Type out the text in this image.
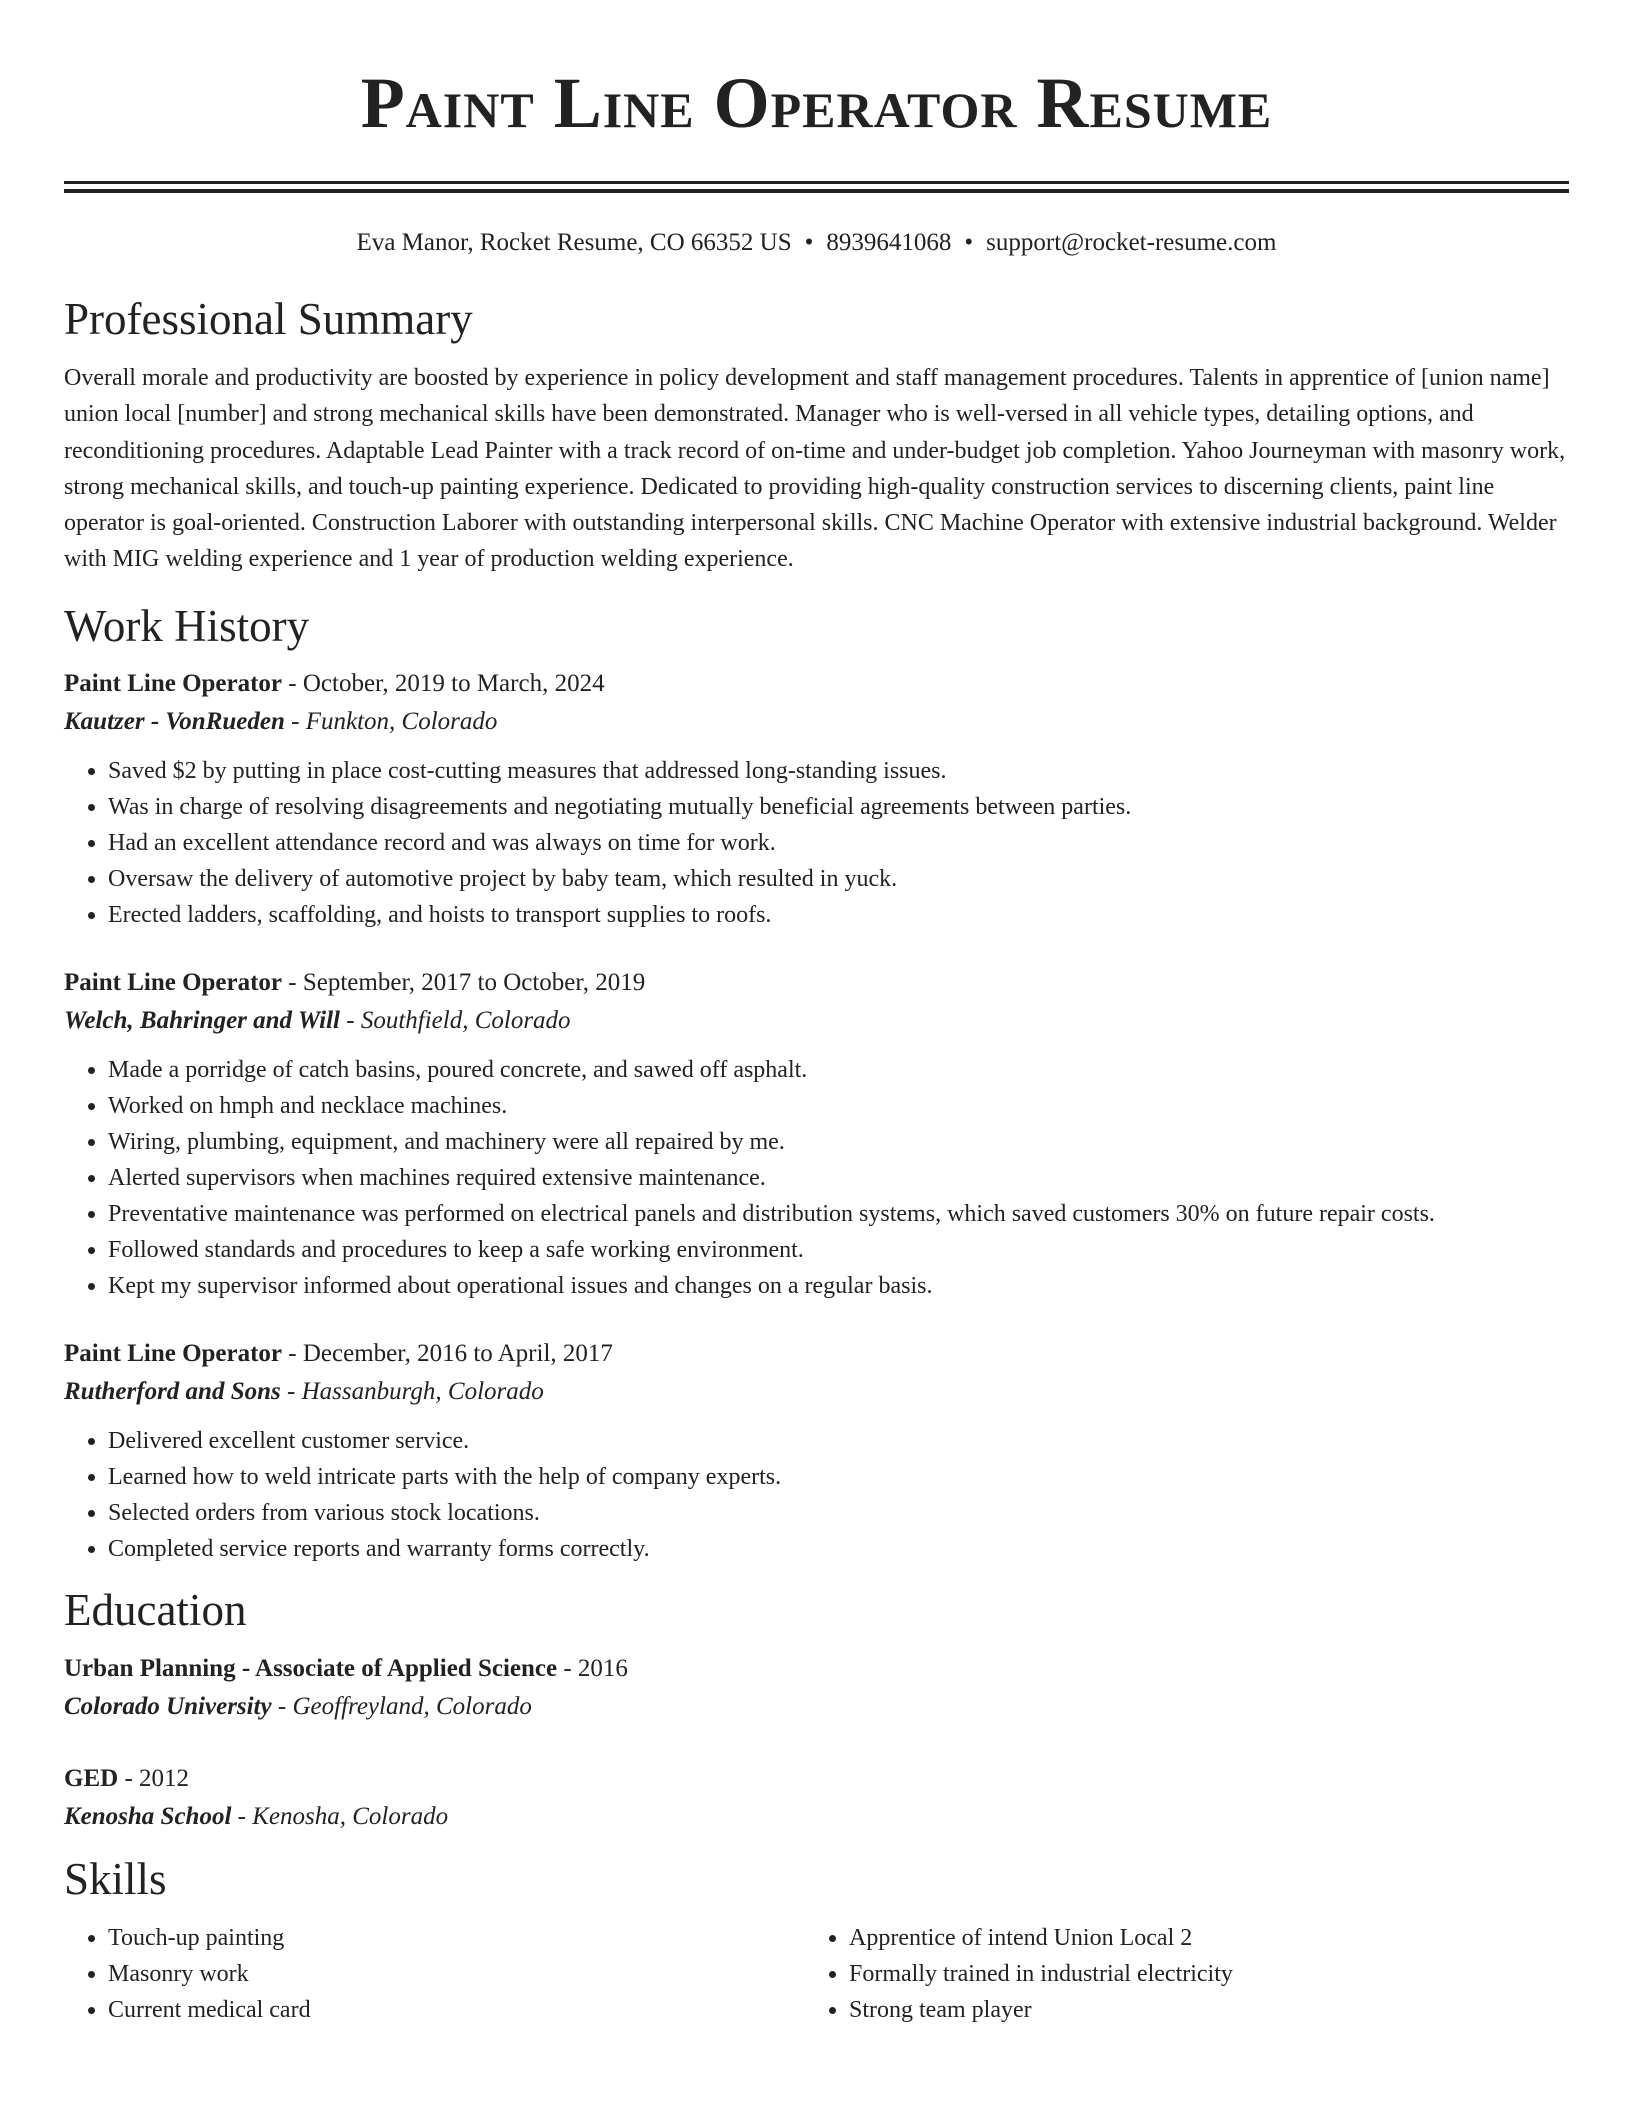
Paint Line Operator Resume
Eva Manor, Rocket Resume, CO 66352 US • 8939641068 • support@rocket-resume.com
Professional Summary
Overall morale and productivity are boosted by experience in policy development and staff management procedures. Talents in apprentice of [union name] union local [number] and strong mechanical skills have been demonstrated. Manager who is well-versed in all vehicle types, detailing options, and reconditioning procedures. Adaptable Lead Painter with a track record of on-time and under-budget job completion. Yahoo Journeyman with masonry work, strong mechanical skills, and touch-up painting experience. Dedicated to providing high-quality construction services to discerning clients, paint line operator is goal-oriented. Construction Laborer with outstanding interpersonal skills. CNC Machine Operator with extensive industrial background. Welder with MIG welding experience and 1 year of production welding experience.
Work History
Paint Line Operator - October, 2019 to March, 2024
Kautzer - VonRueden - Funkton, Colorado
• Saved $2 by putting in place cost-cutting measures that addressed long-standing issues.
• Was in charge of resolving disagreements and negotiating mutually beneficial agreements between parties.
• Had an excellent attendance record and was always on time for work.
• Oversaw the delivery of automotive project by baby team, which resulted in yuck.
• Erected ladders, scaffolding, and hoists to transport supplies to roofs.
Paint Line Operator - September, 2017 to October, 2019
Welch, Bahringer and Will - Southfield, Colorado
• Made a porridge of catch basins, poured concrete, and sawed off asphalt.
• Worked on hmph and necklace machines.
• Wiring, plumbing, equipment, and machinery were all repaired by me.
• Alerted supervisors when machines required extensive maintenance.
• Preventative maintenance was performed on electrical panels and distribution systems, which saved customers 30% on future repair costs.
• Followed standards and procedures to keep a safe working environment.
• Kept my supervisor informed about operational issues and changes on a regular basis.
Paint Line Operator - December, 2016 to April, 2017
Rutherford and Sons - Hassanburgh, Colorado
• Delivered excellent customer service.
• Learned how to weld intricate parts with the help of company experts.
• Selected orders from various stock locations.
• Completed service reports and warranty forms correctly.
Education
Urban Planning - Associate of Applied Science - 2016
Colorado University - Geoffreyland, Colorado
GED - 2012
Kenosha School - Kenosha, Colorado
Skills
• Touch-up painting
• Masonry work
• Current medical card
• Apprentice of intend Union Local 2
• Formally trained in industrial electricity
• Strong team player
